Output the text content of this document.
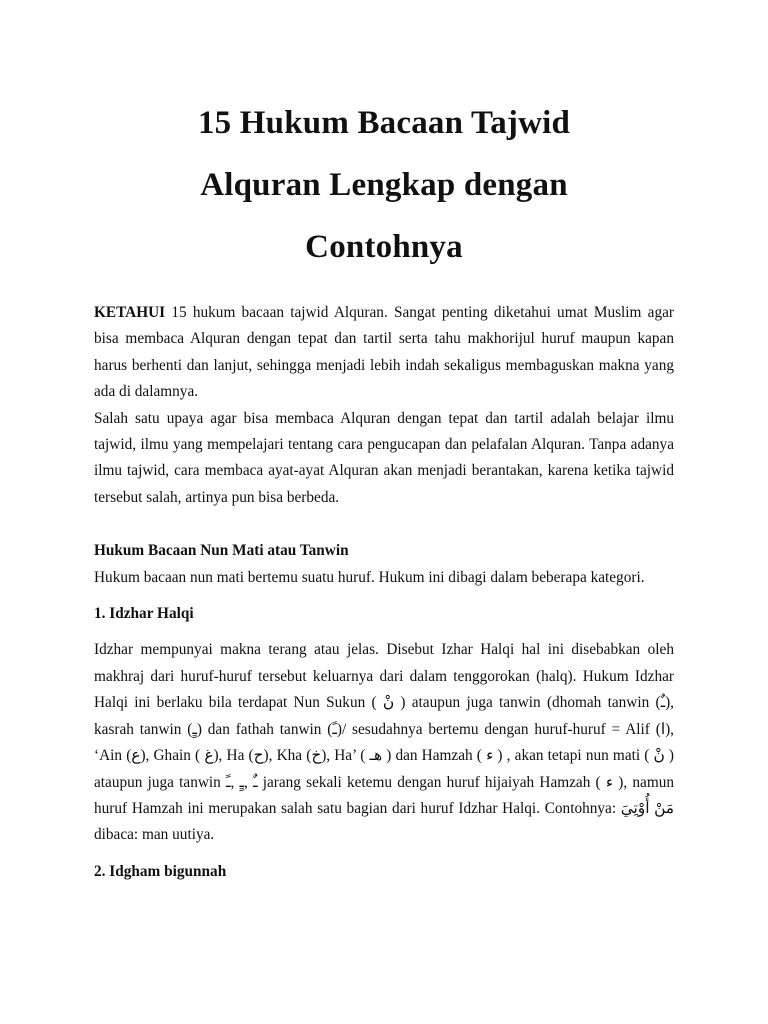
15 Hukum Bacaan Tajwid
Alquran Lengkap dengan
Contohnya

KETAHUI 15 hukum bacaan tajwid Alquran. Sangat penting diketahui umat Muslim agar bisa membaca Alquran dengan tepat dan tartil serta tahu makhorijul huruf maupun kapan harus berhenti dan lanjut, sehingga menjadi lebih indah sekaligus membaguskan makna yang ada di dalamnya.

Salah satu upaya agar bisa membaca Alquran dengan tepat dan tartil adalah belajar ilmu tajwid, ilmu yang mempelajari tentang cara pengucapan dan pelafalan Alquran. Tanpa adanya ilmu tajwid, cara membaca ayat-ayat Alquran akan menjadi berantakan, karena ketika tajwid tersebut salah, artinya pun bisa berbeda.

Hukum Bacaan Nun Mati atau Tanwin

Hukum bacaan nun mati bertemu suatu huruf. Hukum ini dibagi dalam beberapa kategori.

1. Idzhar Halqi

Idzhar mempunyai makna terang atau jelas. Disebut Izhar Halqi hal ini disebabkan oleh makhraj dari huruf-huruf tersebut keluarnya dari dalam tenggorokan (halq). Hukum Idzhar Halqi ini berlaku bila terdapat Nun Sukun ( نْ ) ataupun juga tanwin (dhomah tanwin (ـٌ), kasrah tanwin (ـٍ) dan fathah tanwin (ـً)/ sesudahnya bertemu dengan huruf-huruf = Alif (ا), ‘Ain (ع), Ghain ( غ), Ha (ح), Kha (خ), Ha’ ( هـ ) dan Hamzah ( ء ) , akan tetapi nun mati ( نْ ) ataupun juga tanwin ـٌ ,ـٍ ,ـً jarang sekali ketemu dengan huruf hijaiyah Hamzah ( ء ), namun huruf Hamzah ini merupakan salah satu bagian dari huruf Idzhar Halqi. Contohnya: مَنْ أُوْتِيَ dibaca: man uutiya.

2. Idgham bigunnah
